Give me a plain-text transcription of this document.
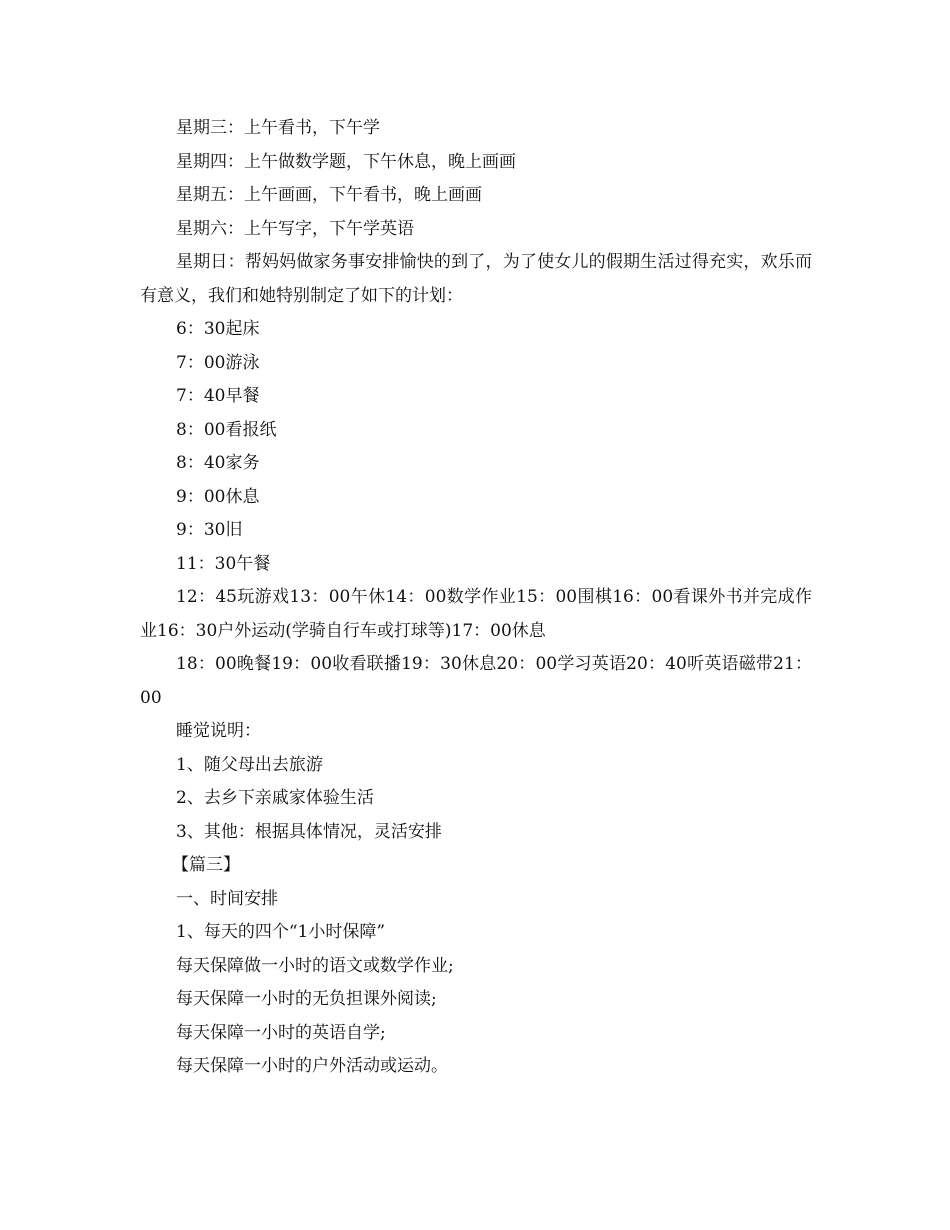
星期三：上午看书，下午学

星期四：上午做数学题，下午休息，晚上画画

星期五：上午画画，下午看书，晚上画画

星期六：上午写字，下午学英语

星期日：帮妈妈做家务事安排愉快的到了，为了使女儿的假期生活过得充实，欢乐而有意义，我们和她特别制定了如下的计划：

6：30起床

7：00游泳

7：40早餐

8：00看报纸

8：40家务

9：00休息

9：30旧

11：30午餐

12：45玩游戏13：00午休14：00数学作业15：00围棋16：00看课外书并完成作业16：30户外运动(学骑自行车或打球等)17：00休息

18：00晚餐19：00收看联播19：30休息20：00学习英语20：40听英语磁带21：00

睡觉说明：

1、随父母出去旅游

2、去乡下亲戚家体验生活

3、其他：根据具体情况，灵活安排

【篇三】

一、时间安排

1、每天的四个“1小时保障”

每天保障做一小时的语文或数学作业;

每天保障一小时的无负担课外阅读;

每天保障一小时的英语自学;

每天保障一小时的户外活动或运动。
